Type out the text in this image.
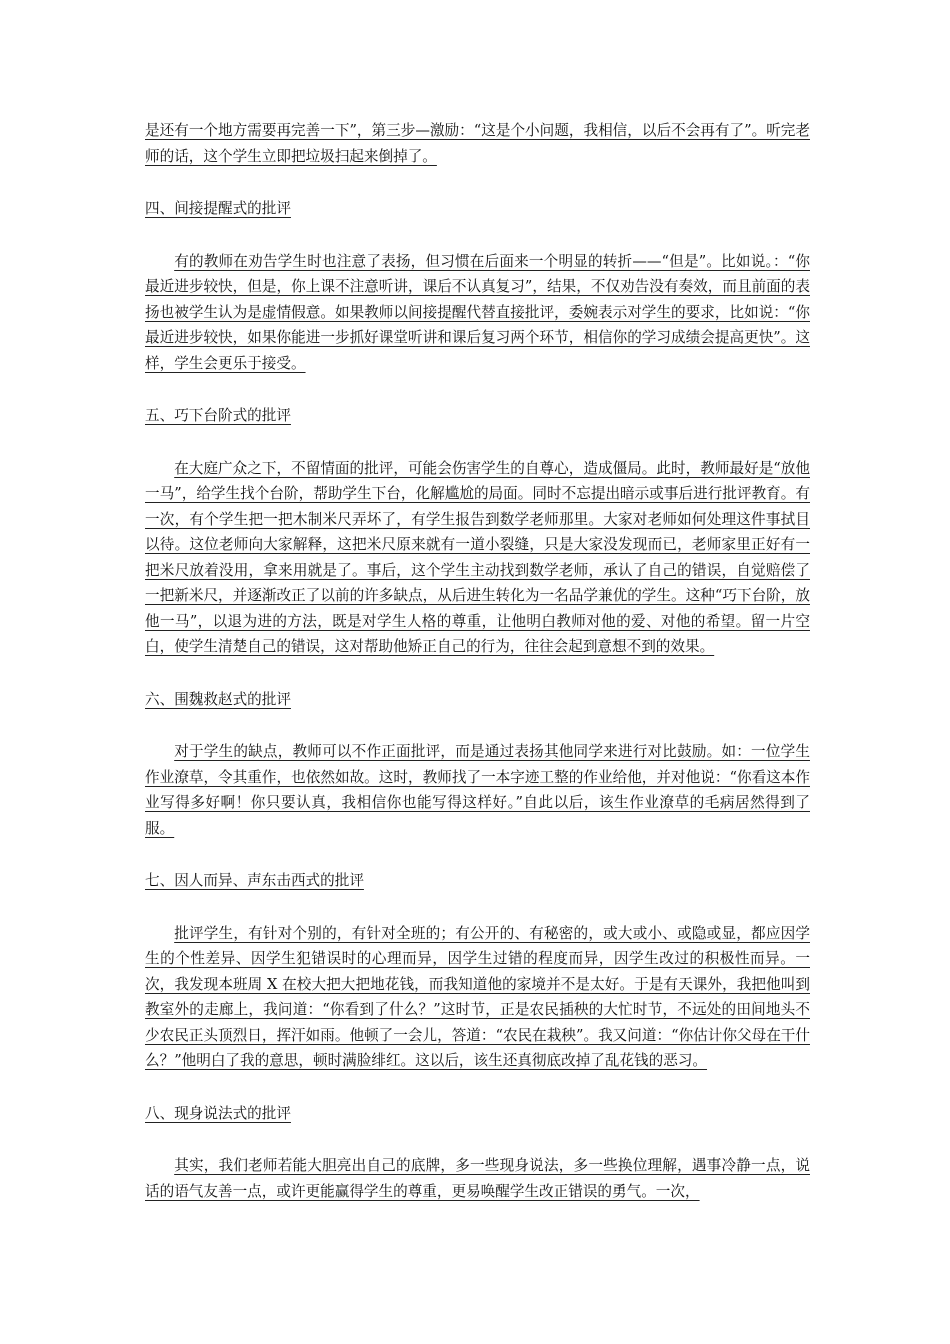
是还有一个地方需要再完善一下”，第三步—激励：“这是个小问题，我相信，以后不会再有了”。听完老师的话，这个学生立即把垃圾扫起来倒掉了。

四、间接提醒式的批评

有的教师在劝告学生时也注意了表扬，但习惯在后面来一个明显的转折——“但是”。比如说。：“你最近进步较快，但是，你上课不注意听讲，课后不认真复习”，结果，不仅劝告没有奏效，而且前面的表扬也被学生认为是虚情假意。如果教师以间接提醒代替直接批评，委婉表示对学生的要求，比如说：“你最近进步较快，如果你能进一步抓好课堂听讲和课后复习两个环节，相信你的学习成绩会提高更快”。这样，学生会更乐于接受。

五、巧下台阶式的批评

在大庭广众之下，不留情面的批评，可能会伤害学生的自尊心，造成僵局。此时，教师最好是“放他一马”，给学生找个台阶，帮助学生下台，化解尴尬的局面。同时不忘提出暗示或事后进行批评教育。有一次，有个学生把一把木制米尺弄坏了，有学生报告到数学老师那里。大家对老师如何处理这件事拭目以待。这位老师向大家解释，这把米尺原来就有一道小裂缝，只是大家没发现而已，老师家里正好有一把米尺放着没用，拿来用就是了。事后，这个学生主动找到数学老师，承认了自己的错误，自觉赔偿了一把新米尺，并逐渐改正了以前的许多缺点，从后进生转化为一名品学兼优的学生。这种“巧下台阶，放他一马”，以退为进的方法，既是对学生人格的尊重，让他明白教师对他的爱、对他的希望。留一片空白，使学生清楚自己的错误，这对帮助他矫正自己的行为，往往会起到意想不到的效果。

六、围魏救赵式的批评

对于学生的缺点，教师可以不作正面批评，而是通过表扬其他同学来进行对比鼓励。如：一位学生作业潦草，令其重作，也依然如故。这时，教师找了一本字迹工整的作业给他，并对他说：“你看这本作业写得多好啊！你只要认真，我相信你也能写得这样好。”自此以后，该生作业潦草的毛病居然得到了服。

七、因人而异、声东击西式的批评

批评学生，有针对个别的，有针对全班的；有公开的、有秘密的，或大或小、或隐或显，都应因学生的个性差异、因学生犯错误时的心理而异，因学生过错的程度而异，因学生改过的积极性而异。一次，我发现本班周 X 在校大把大把地花钱，而我知道他的家境并不是太好。于是有天课外，我把他叫到教室外的走廊上，我问道：“你看到了什么？”这时节，正是农民插秧的大忙时节，不远处的田间地头不少农民正头顶烈日，挥汗如雨。他顿了一会儿，答道：“农民在栽秧”。我又问道：“你估计你父母在干什么？”他明白了我的意思，顿时满脸绯红。这以后，该生还真彻底改掉了乱花钱的恶习。

八、现身说法式的批评

其实，我们老师若能大胆亮出自己的底牌，多一些现身说法，多一些换位理解，遇事冷静一点，说话的语气友善一点，或许更能赢得学生的尊重，更易唤醒学生改正错误的勇气。一次，
